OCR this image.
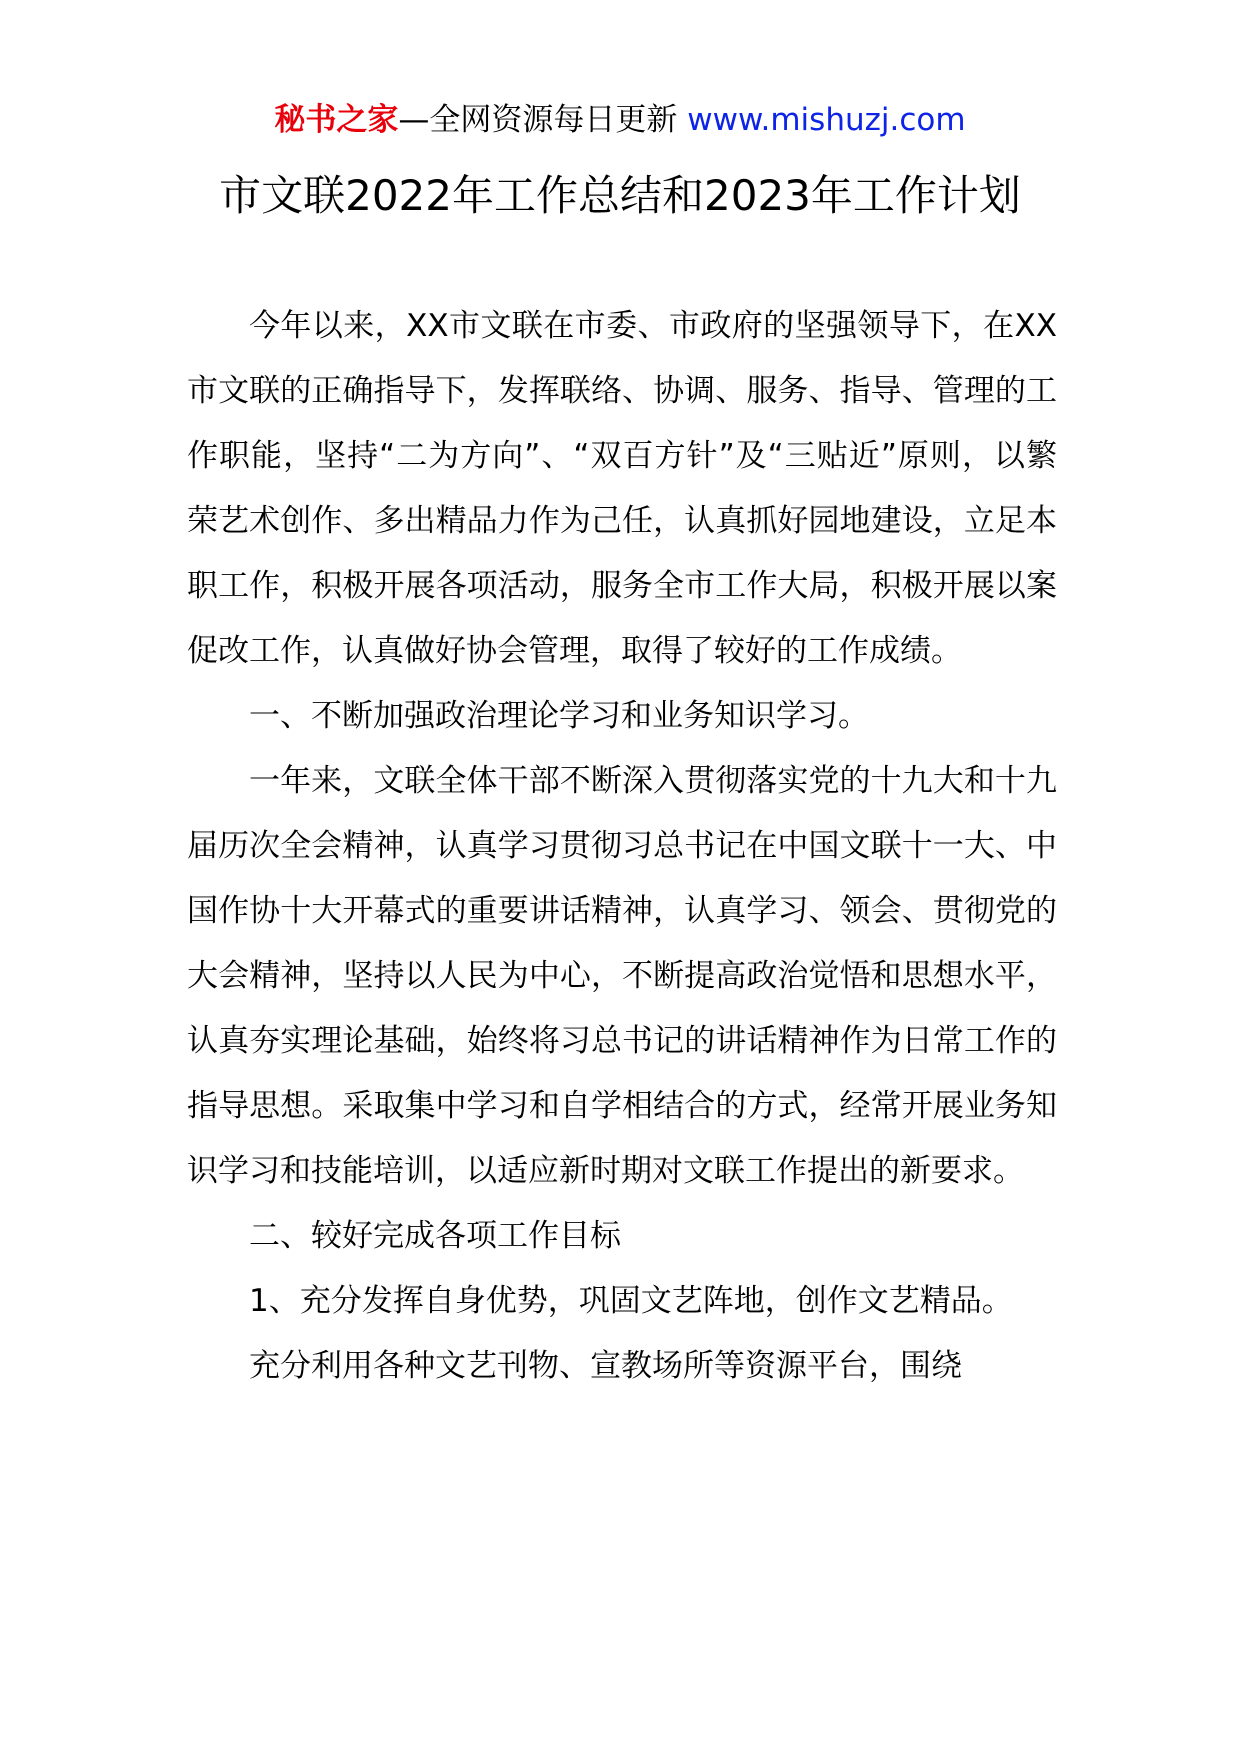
秘书之家—全网资源每日更新 www.mishuzj.com
市文联2022年工作总结和2023年工作计划

今年以来，XX市文联在市委、市政府的坚强领导下，在XX市文联的正确指导下，发挥联络、协调、服务、指导、管理的工作职能，坚持“二为方向”、“双百方针”及“三贴近”原则，以繁荣艺术创作、多出精品力作为己任，认真抓好园地建设，立足本职工作，积极开展各项活动，服务全市工作大局，积极开展以案促改工作，认真做好协会管理，取得了较好的工作成绩。

一、不断加强政治理论学习和业务知识学习。

一年来，文联全体干部不断深入贯彻落实党的十九大和十九届历次全会精神，认真学习贯彻习总书记在中国文联十一大、中国作协十大开幕式的重要讲话精神，认真学习、领会、贯彻党的大会精神，坚持以人民为中心，不断提高政治觉悟和思想水平，认真夯实理论基础，始终将习总书记的讲话精神作为日常工作的指导思想。采取集中学习和自学相结合的方式，经常开展业务知识学习和技能培训，以适应新时期对文联工作提出的新要求。

二、较好完成各项工作目标

1、充分发挥自身优势，巩固文艺阵地，创作文艺精品。

充分利用各种文艺刊物、宣教场所等资源平台，围绕
